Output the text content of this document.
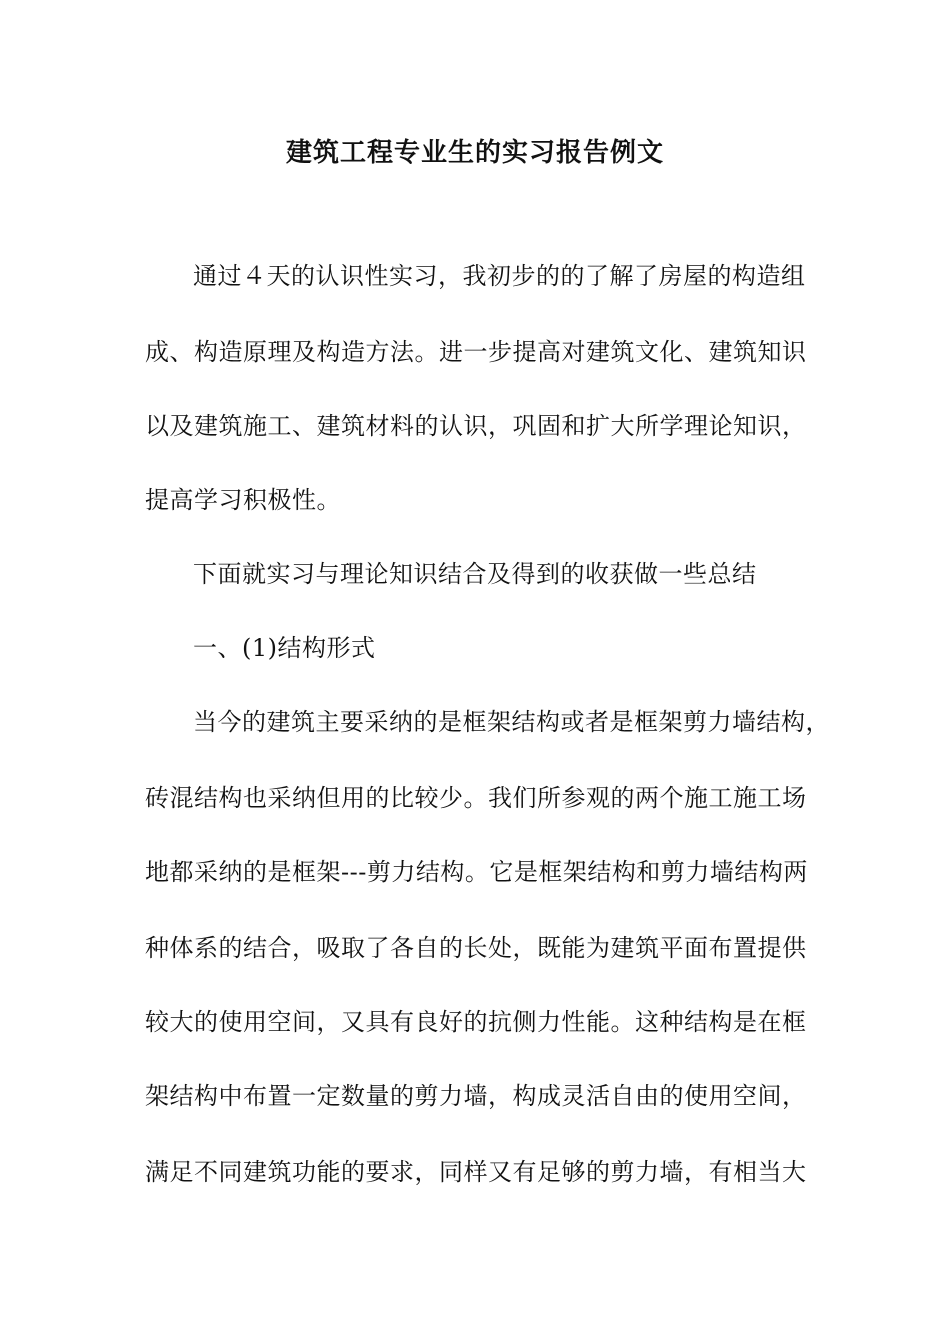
建筑工程专业生的实习报告例文
通过４天的认识性实习，我初步的的了解了房屋的构造组
成、构造原理及构造方法。进一步提高对建筑文化、建筑知识
以及建筑施工、建筑材料的认识，巩固和扩大所学理论知识，
提高学习积极性。
下面就实习与理论知识结合及得到的收获做一些总结
一、(1)结构形式
当今的建筑主要采纳的是框架结构或者是框架剪力墙结构，
砖混结构也采纳但用的比较少。我们所参观的两个施工施工场
地都采纳的是框架---剪力结构。它是框架结构和剪力墙结构两
种体系的结合，吸取了各自的长处，既能为建筑平面布置提供
较大的使用空间，又具有良好的抗侧力性能。这种结构是在框
架结构中布置一定数量的剪力墙，构成灵活自由的使用空间，
满足不同建筑功能的要求，同样又有足够的剪力墙，有相当大
